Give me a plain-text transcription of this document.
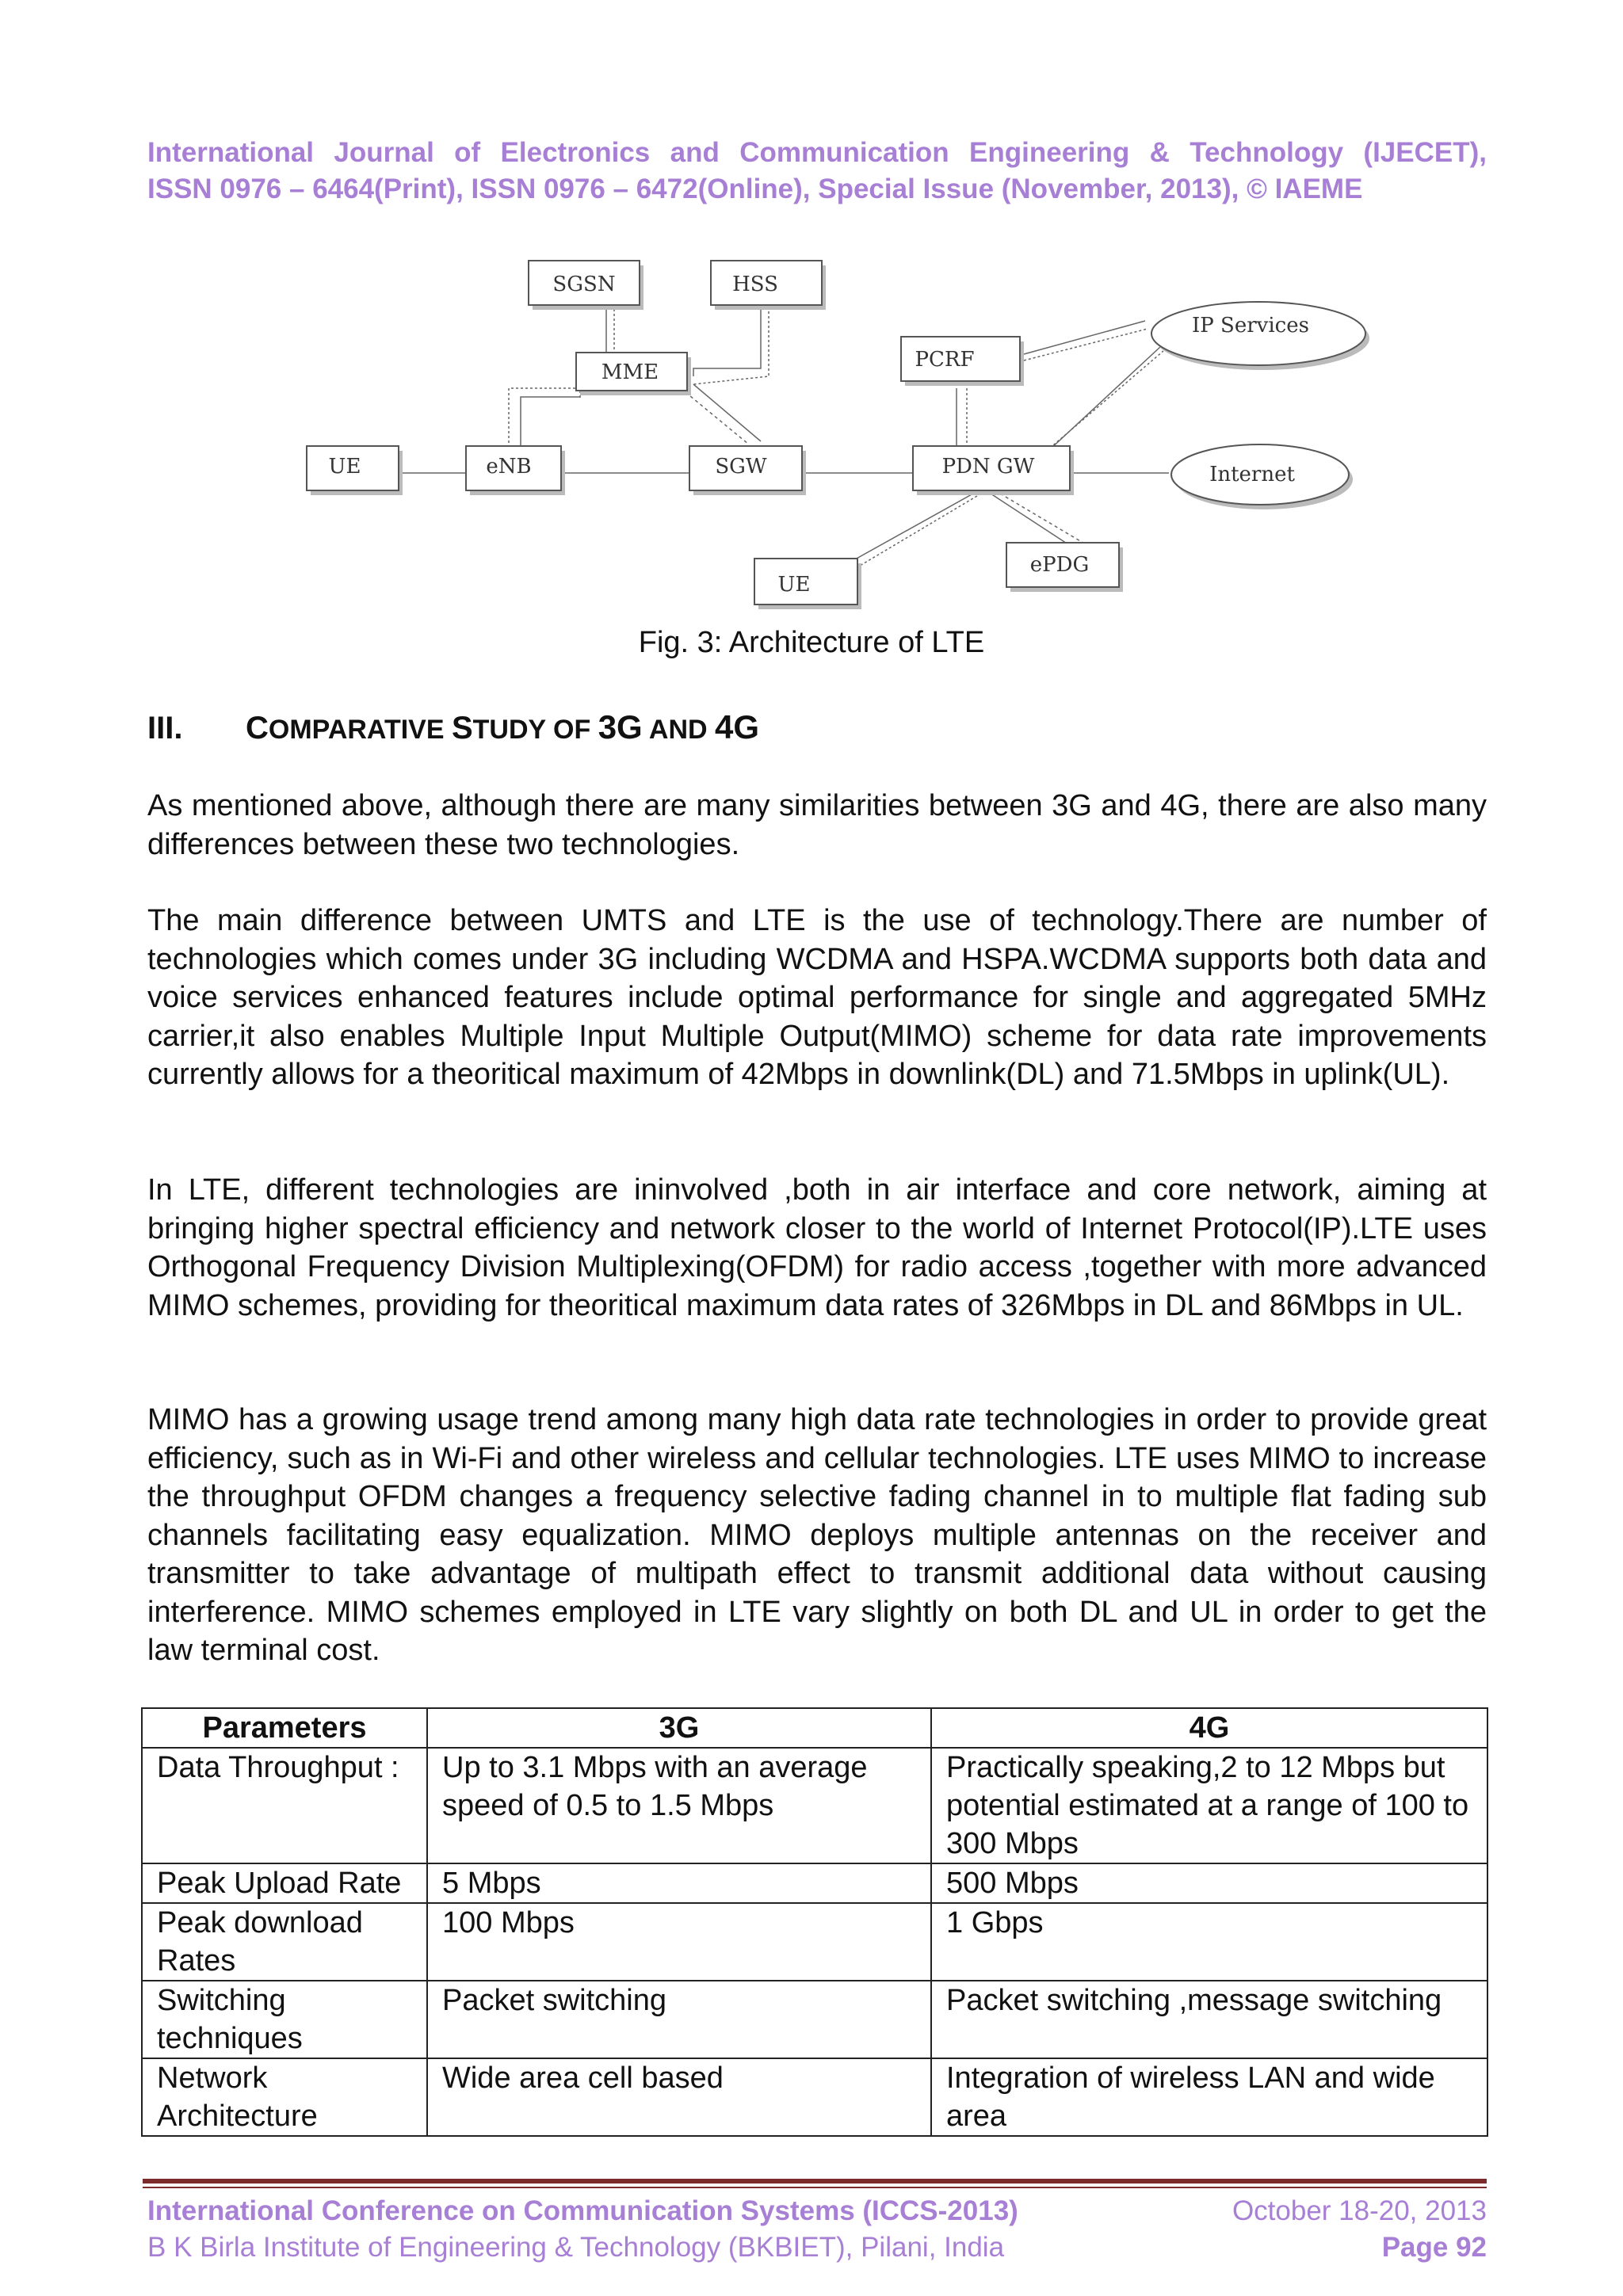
International Journal of Electronics and Communication Engineering & Technology (IJECET),
ISSN 0976 – 6464(Print), ISSN 0976 – 6472(Online), Special Issue (November, 2013), © IAEME
SGSN	HSS
MME
PCRF
IP Services
UE	eNB	SGW	PDN GW	Internet
UE
ePDG
Fig. 3: Architecture of LTE
III. COMPARATIVE STUDY OF 3G AND 4G

As mentioned above, although there are many similarities between 3G and 4G, there are also many differences between these two technologies.

The main difference between UMTS and LTE is the use of technology.There are number of technologies which comes under 3G including WCDMA and HSPA.WCDMA supports both data and voice services enhanced features include optimal performance for single and aggregated 5MHz carrier,it also enables Multiple Input Multiple Output(MIMO) scheme for data rate improvements currently allows for a theoritical maximum of 42Mbps in downlink(DL) and 71.5Mbps in uplink(UL).

In LTE, different technologies are ininvolved ,both in air interface and core network, aiming at bringing higher spectral efficiency and network closer to the world of Internet Protocol(IP).LTE uses Orthogonal Frequency Division Multiplexing(OFDM) for radio access ,together with more advanced MIMO schemes, providing for theoritical maximum data rates of 326Mbps in DL and 86Mbps in UL.

MIMO has a growing usage trend among many high data rate technologies in order to provide great efficiency, such as in Wi-Fi and other wireless and cellular technologies. LTE uses MIMO to increase the throughput OFDM changes a frequency selective fading channel in to multiple flat fading sub channels facilitating easy equalization. MIMO deploys multiple antennas on the receiver and transmitter to take advantage of multipath effect to transmit additional data without causing interference. MIMO schemes employed in LTE vary slightly on both DL and UL in order to get the law terminal cost.

Parameters	3G	4G
Data Throughput :	Up to 3.1 Mbps with an average speed of 0.5 to 1.5 Mbps	Practically speaking,2 to 12 Mbps but potential estimated at a range of 100 to 300 Mbps
Peak Upload Rate	5 Mbps	500 Mbps
Peak download Rates	100 Mbps	1 Gbps
Switching techniques	Packet switching	Packet switching ,message switching
Network Architecture	Wide area cell based	Integration of wireless LAN and wide area
International Conference on Communication Systems (ICCS-2013)
B K Birla Institute of Engineering & Technology (BKBIET), Pilani, India
October 18-20, 2013
Page 92
